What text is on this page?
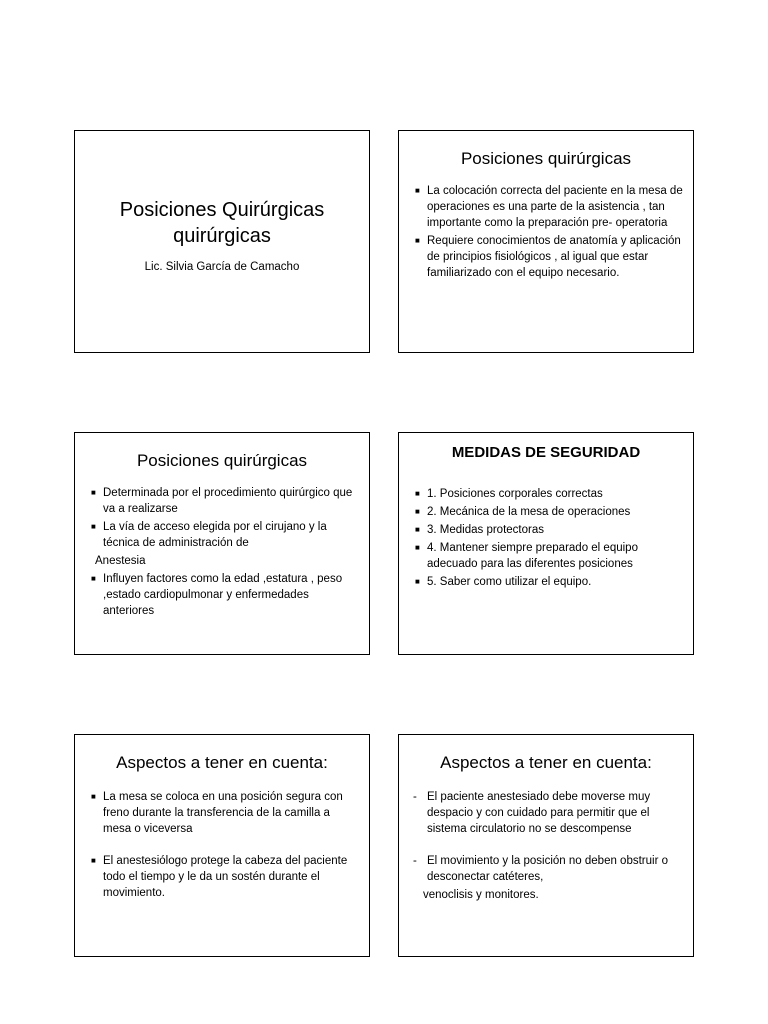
Posiciones Quirúrgicas
quirúrgicas
Lic. Silvia García de Camacho
Posiciones quirúrgicas
■ La colocación correcta del paciente en la mesa de operaciones es una parte de la asistencia , tan importante como la preparación pre- operatoria
■ Requiere conocimientos de anatomía y aplicación de principios fisiológicos , al igual que estar familiarizado con el equipo necesario.
Posiciones quirúrgicas
■ Determinada por el procedimiento quirúrgico que va a realizarse
■ La vía de acceso elegida por el cirujano y la técnica de administración de
Anestesia
■ Influyen factores como la edad ,estatura , peso ,estado cardiopulmonar y enfermedades anteriores
MEDIDAS DE SEGURIDAD
■ 1. Posiciones corporales correctas
■ 2. Mecánica de la mesa de operaciones
■ 3. Medidas protectoras
■ 4. Mantener siempre preparado el equipo adecuado para las diferentes posiciones
■ 5. Saber como utilizar el equipo.
Aspectos a tener en cuenta:
■ La mesa se coloca en una posición segura con freno durante la transferencia de la camilla a mesa o viceversa
■ El anestesiólogo protege la cabeza del paciente todo el tiempo y le da un sostén durante el movimiento.
Aspectos a tener en cuenta:
- El paciente anestesiado debe moverse muy despacio y con cuidado para permitir que el sistema circulatorio no se descompense
- El movimiento y la posición no deben obstruir o desconectar catéteres,
venoclisis y monitores.
